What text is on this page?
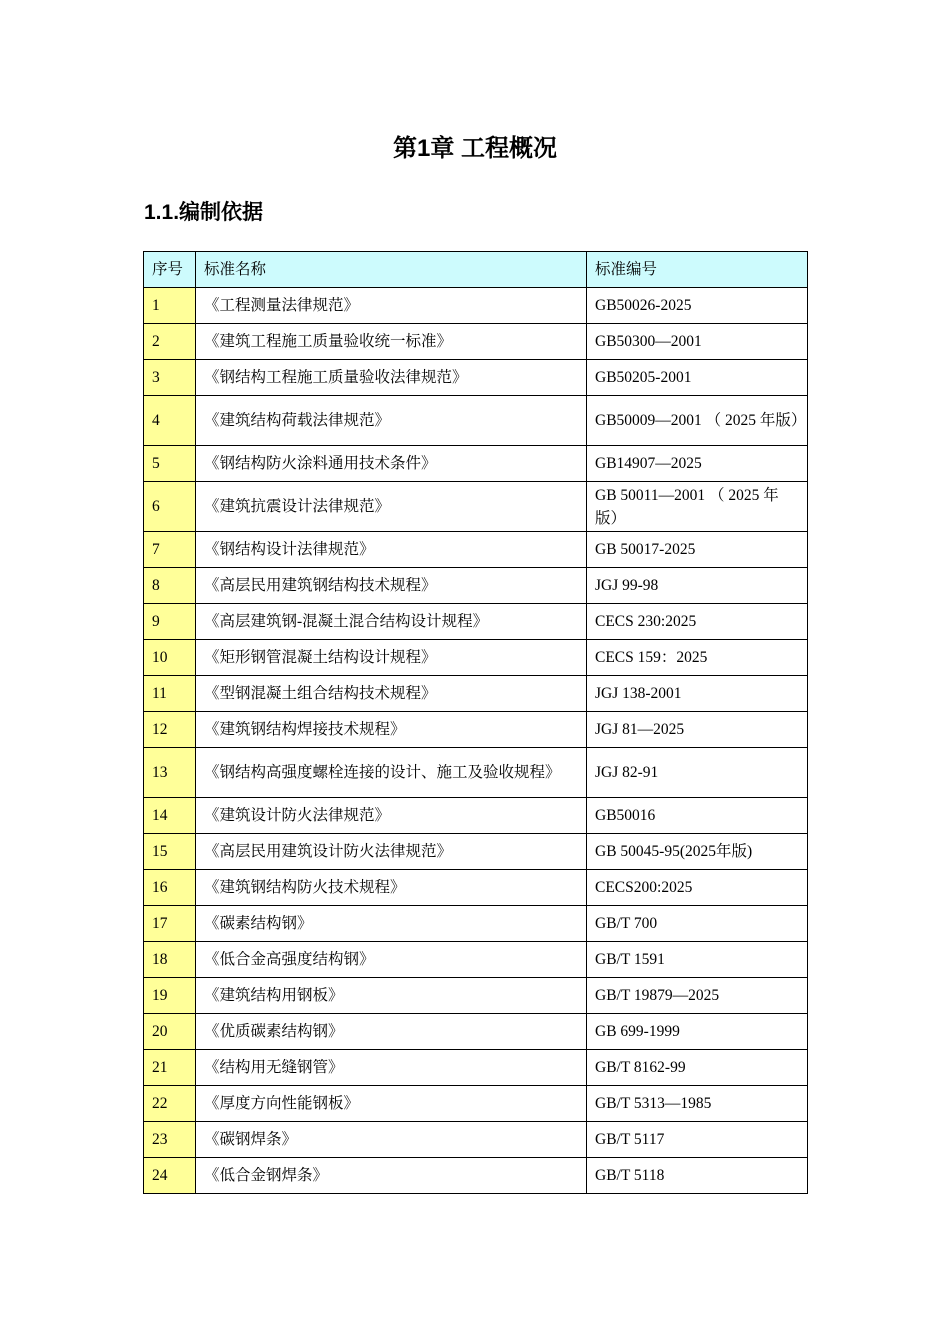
第1章 工程概况
1.1.编制依据
序号	标准名称	标准编号
1	《工程测量法律规范》	GB50026-2025
2	《建筑工程施工质量验收统一标准》	GB50300—2001
3	《钢结构工程施工质量验收法律规范》	GB50205-2001
4	《建筑结构荷载法律规范》	GB50009—2001 （ 2025 年版）
5	《钢结构防火涂料通用技术条件》	GB14907—2025
6	《建筑抗震设计法律规范》	GB 50011—2001 （ 2025 年版）
7	《钢结构设计法律规范》	GB 50017-2025
8	《高层民用建筑钢结构技术规程》	JGJ 99-98
9	《高层建筑钢-混凝土混合结构设计规程》	CECS 230:2025
10	《矩形钢管混凝土结构设计规程》	CECS 159：2025
11	《型钢混凝土组合结构技术规程》	JGJ 138-2001
12	《建筑钢结构焊接技术规程》	JGJ 81—2025
13	《钢结构高强度螺栓连接的设计、施工及验收规程》	JGJ 82-91
14	《建筑设计防火法律规范》	GB50016
15	《高层民用建筑设计防火法律规范》	GB 50045-95(2025年版)
16	《建筑钢结构防火技术规程》	CECS200:2025
17	《碳素结构钢》	GB/T 700
18	《低合金高强度结构钢》	GB/T 1591
19	《建筑结构用钢板》	GB/T 19879—2025
20	《优质碳素结构钢》	GB 699-1999
21	《结构用无缝钢管》	GB/T 8162-99
22	《厚度方向性能钢板》	GB/T 5313—1985
23	《碳钢焊条》	GB/T 5117
24	《低合金钢焊条》	GB/T 5118
